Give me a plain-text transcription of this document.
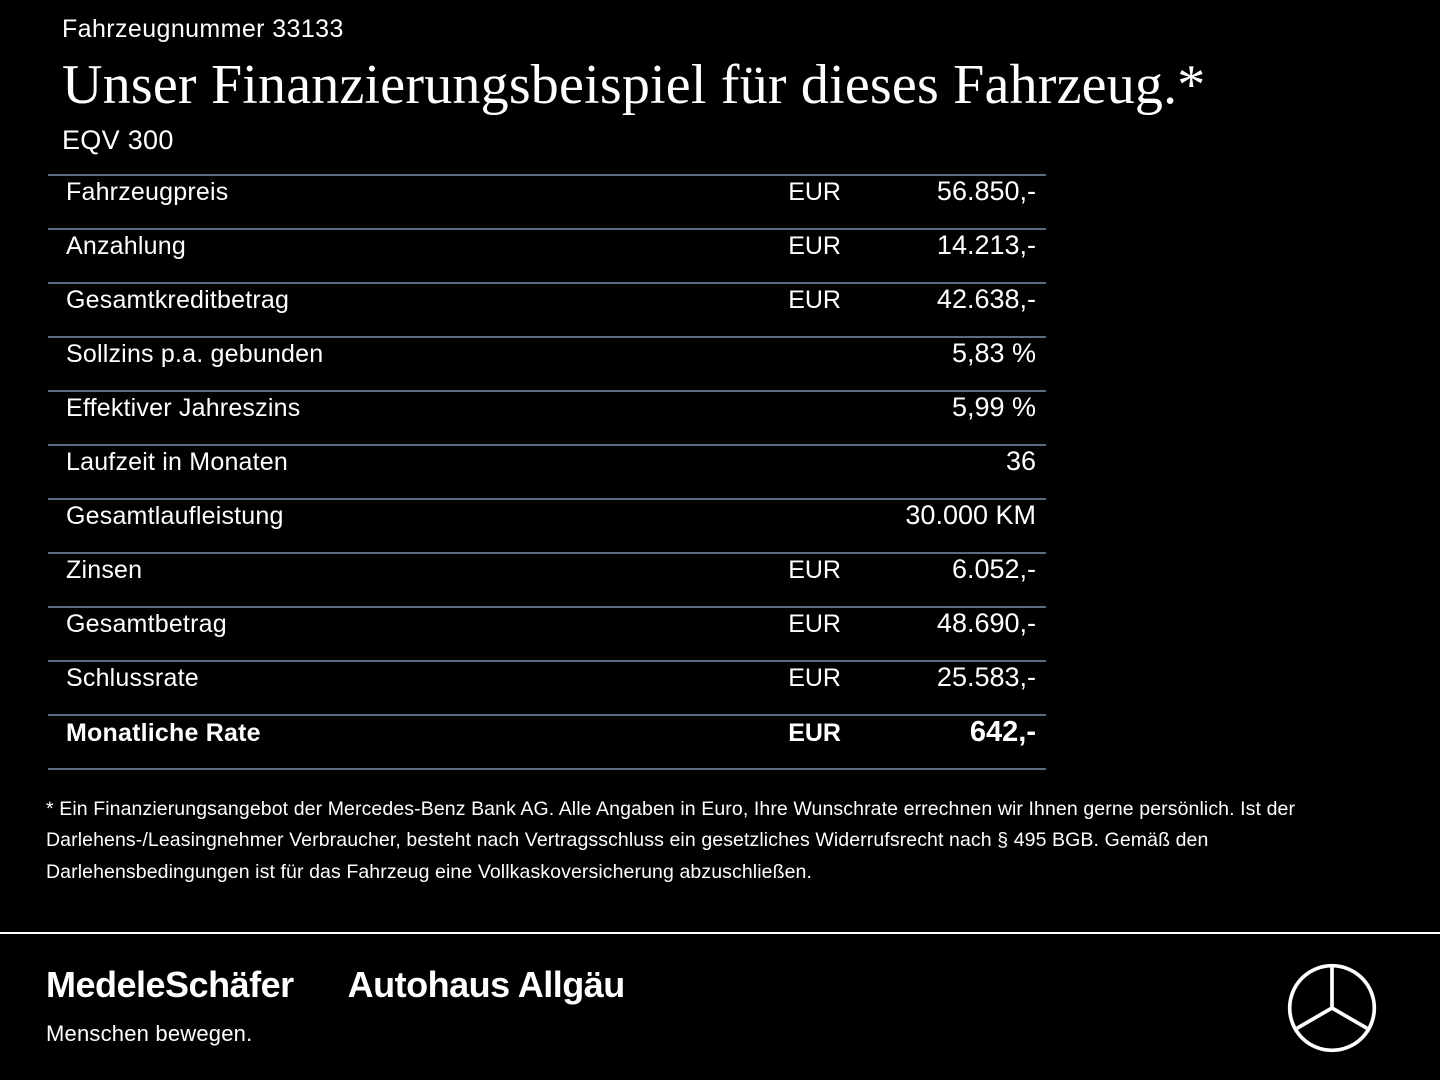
Fahrzeugnummer 33133
Unser Finanzierungsbeispiel für dieses Fahrzeug.*
EQV 300
Fahrzeugpreis	EUR	56.850,-
Anzahlung	EUR	14.213,-
Gesamtkreditbetrag	EUR	42.638,-
Sollzins p.a. gebunden	5,83 %
Effektiver Jahreszins	5,99 %
Laufzeit in Monaten	36
Gesamtlaufleistung	30.000 KM
Zinsen	EUR	6.052,-
Gesamtbetrag	EUR	48.690,-
Schlussrate	EUR	25.583,-
Monatliche Rate	EUR	642,-
* Ein Finanzierungsangebot der Mercedes-Benz Bank AG. Alle Angaben in Euro, Ihre Wunschrate errechnen wir Ihnen gerne persönlich. Ist der Darlehens-/Leasingnehmer Verbraucher, besteht nach Vertragsschluss ein gesetzliches Widerrufsrecht nach § 495 BGB. Gemäß den Darlehensbedingungen ist für das Fahrzeug eine Vollkaskoversicherung abzuschließen.
MedeleSchäfer
Menschen bewegen.
Autohaus Allgäu
